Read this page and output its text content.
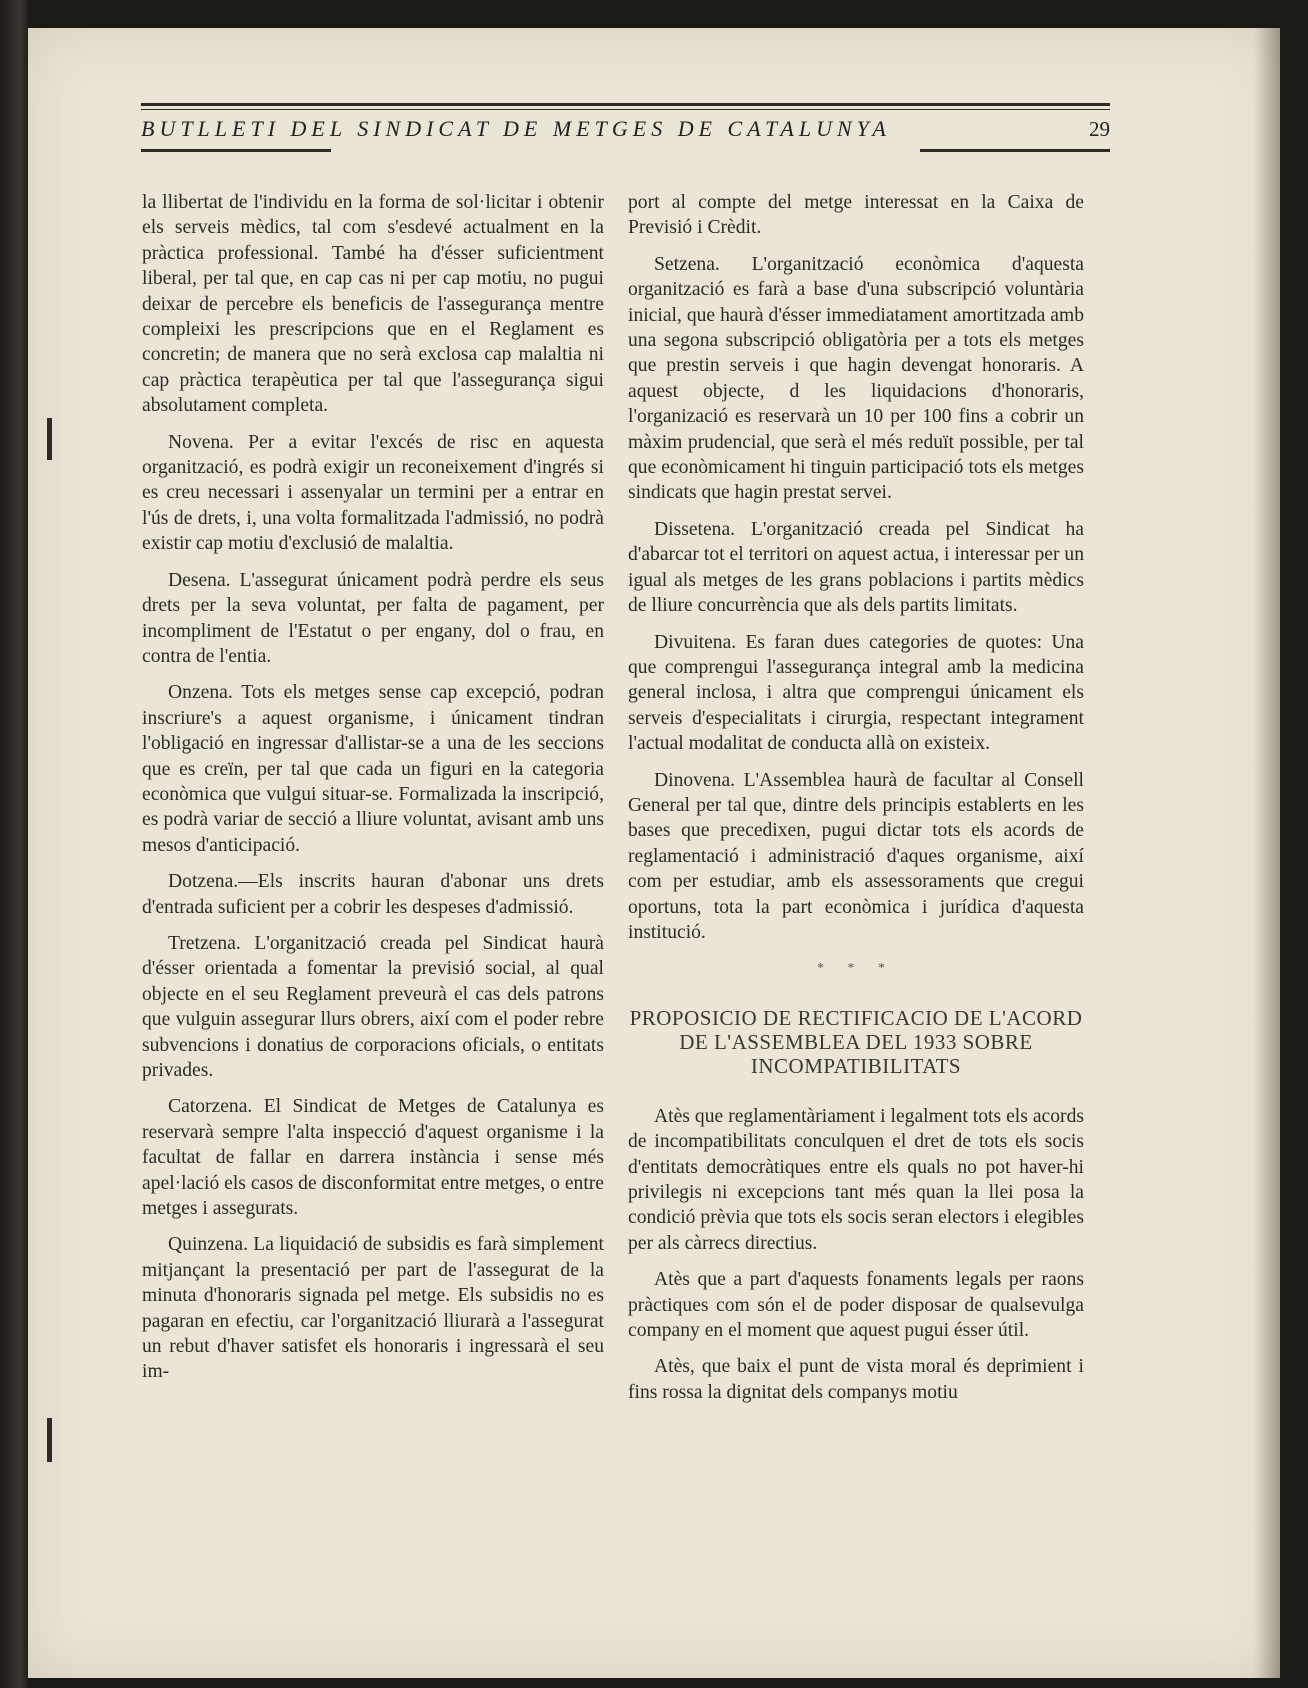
BUTLLETI DEL SINDICAT DE METGES DE CATALUNYA	29

la llibertat de l'individu en la forma de sol·licitar i obtenir els serveis mèdics, tal com s'esdevé actualment en la pràctica professional. També ha d'ésser suficientment liberal, per tal que, en cap cas ni per cap motiu, no pugui deixar de percebre els beneficis de l'assegurança mentre compleixi les prescripcions que en el Reglament es concretin; de manera que no serà exclosa cap malaltia ni cap pràctica terapèutica per tal que l'assegurança sigui absolutament completa.

Novena. Per a evitar l'excés de risc en aquesta organització, es podrà exigir un reconeixement d'ingrés si es creu necessari i assenyalar un termini per a entrar en l'ús de drets, i, una volta formalitzada l'admissió, no podrà existir cap motiu d'exclusió de malaltia.

Desena. L'assegurat únicament podrà perdre els seus drets per la seva voluntat, per falta de pagament, per incompliment de l'Estatut o per engany, dol o frau, en contra de l'entia.

Onzena. Tots els metges sense cap excepció, podran inscriure's a aquest organisme, i únicament tindran l'obligació en ingressar d'allistar-se a una de les seccions que es creïn, per tal que cada un figuri en la categoria econòmica que vulgui situar-se. Formalizada la inscripció, es podrà variar de secció a lliure voluntat, avisant amb uns mesos d'anticipació.

Dotzena.—Els inscrits hauran d'abonar uns drets d'entrada suficient per a cobrir les despeses d'admissió.

Tretzena. L'organització creada pel Sindicat haurà d'ésser orientada a fomentar la previsió social, al qual objecte en el seu Reglament preveurà el cas dels patrons que vulguin assegurar llurs obrers, així com el poder rebre subvencions i donatius de corporacions oficials, o entitats privades.

Catorzena. El Sindicat de Metges de Catalunya es reservarà sempre l'alta inspecció d'aquest organisme i la facultat de fallar en darrera instància i sense més apel·lació els casos de disconformitat entre metges, o entre metges i assegurats.

Quinzena. La liquidació de subsidis es farà simplement mitjançant la presentació per part de l'assegurat de la minuta d'honoraris signada pel metge. Els subsidis no es pagaran en efectiu, car l'organització lliurarà a l'assegurat un rebut d'haver satisfet els honoraris i ingressarà el seu im-

port al compte del metge interessat en la Caixa de Previsió i Crèdit.

Setzena. L'organització econòmica d'aquesta organització es farà a base d'una subscripció voluntària inicial, que haurà d'ésser immediatament amortitzada amb una segona subscripció obligatòria per a tots els metges que prestin serveis i que hagin devengat honoraris. A aquest objecte, d les liquidacions d'honoraris, l'organizació es reservarà un 10 per 100 fins a cobrir un màxim prudencial, que serà el més reduït possible, per tal que econòmicament hi tinguin participació tots els metges sindicats que hagin prestat servei.

Dissetena. L'organització creada pel Sindicat ha d'abarcar tot el territori on aquest actua, i interessar per un igual als metges de les grans poblacions i partits mèdics de lliure concurrència que als dels partits limitats.

Divuitena. Es faran dues categories de quotes: Una que comprengui l'assegurança integral amb la medicina general inclosa, i altra que comprengui únicament els serveis d'especialitats i cirurgia, respectant integrament l'actual modalitat de conducta allà on existeix.

Dinovena. L'Assemblea haurà de facultar al Consell General per tal que, dintre dels principis establerts en les bases que precedixen, pugui dictar tots els acords de reglamentació i administració d'aques organisme, així com per estudiar, amb els assessoraments que cregui oportuns, tota la part econòmica i jurídica d'aquesta institució.

* * *

PROPOSICIO DE RECTIFICACIO DE L'ACORD DE L'ASSEMBLEA DEL 1933 SOBRE INCOMPATIBILITATS

Atès que reglamentàriament i legalment tots els acords de incompatibilitats conculquen el dret de tots els socis d'entitats democràtiques entre els quals no pot haver-hi privilegis ni excepcions tant més quan la llei posa la condició prèvia que tots els socis seran electors i elegibles per als càrrecs directius.

Atès que a part d'aquests fonaments legals per raons pràctiques com són el de poder disposar de qualsevulga company en el moment que aquest pugui ésser útil.

Atès, que baix el punt de vista moral és deprimient i fins rossa la dignitat dels companys motiu
